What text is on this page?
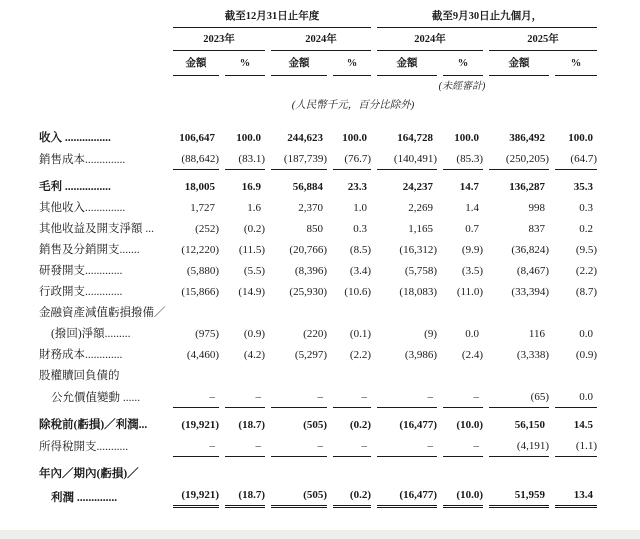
	截至12月31日止年度				截至9月30日止九個月，			
	2023年		2024年		2024年		2025年	
	金額	%	金額	%	金額	%	金額	%
					(未經審計)			
(人民幣千元，百分比除外)								
收入 ................	106,647	100.0	244,623	100.0	164,728	100.0	386,492	100.0
銷售成本..............	(88,642)	(83.1)	(187,739)	(76.7)	(140,491)	(85.3)	(250,205)	(64.7)
毛利 ................	18,005	16.9	56,884	23.3	24,237	14.7	136,287	35.3
其他收入..............	1,727	1.6	2,370	1.0	2,269	1.4	998	0.3
其他收益及開支淨額 ...	(252)	(0.2)	850	0.3	1,165	0.7	837	0.2
銷售及分銷開支.......	(12,220)	(11.5)	(20,766)	(8.5)	(16,312)	(9.9)	(36,824)	(9.5)
研發開支.............	(5,880)	(5.5)	(8,396)	(3.4)	(5,758)	(3.5)	(8,467)	(2.2)
行政開支.............	(15,866)	(14.9)	(25,930)	(10.6)	(18,083)	(11.0)	(33,394)	(8.7)
金融資產減值虧損撥備／								
(撥回)淨額.........	(975)	(0.9)	(220)	(0.1)	(9)	0.0	116	0.0
財務成本.............	(4,460)	(4.2)	(5,297)	(2.2)	(3,986)	(2.4)	(3,338)	(0.9)
股權贖回負債的								
公允價值變動 ......	–	–	–	–	–	–	(65)	0.0
除稅前(虧損)／利潤...	(19,921)	(18.7)	(505)	(0.2)	(16,477)	(10.0)	56,150	14.5
所得稅開支...........	–	–	–	–	–	–	(4,191)	(1.1)
年內／期內(虧損)／								
利潤 ..............	(19,921)	(18.7)	(505)	(0.2)	(16,477)	(10.0)	51,959	13.4
